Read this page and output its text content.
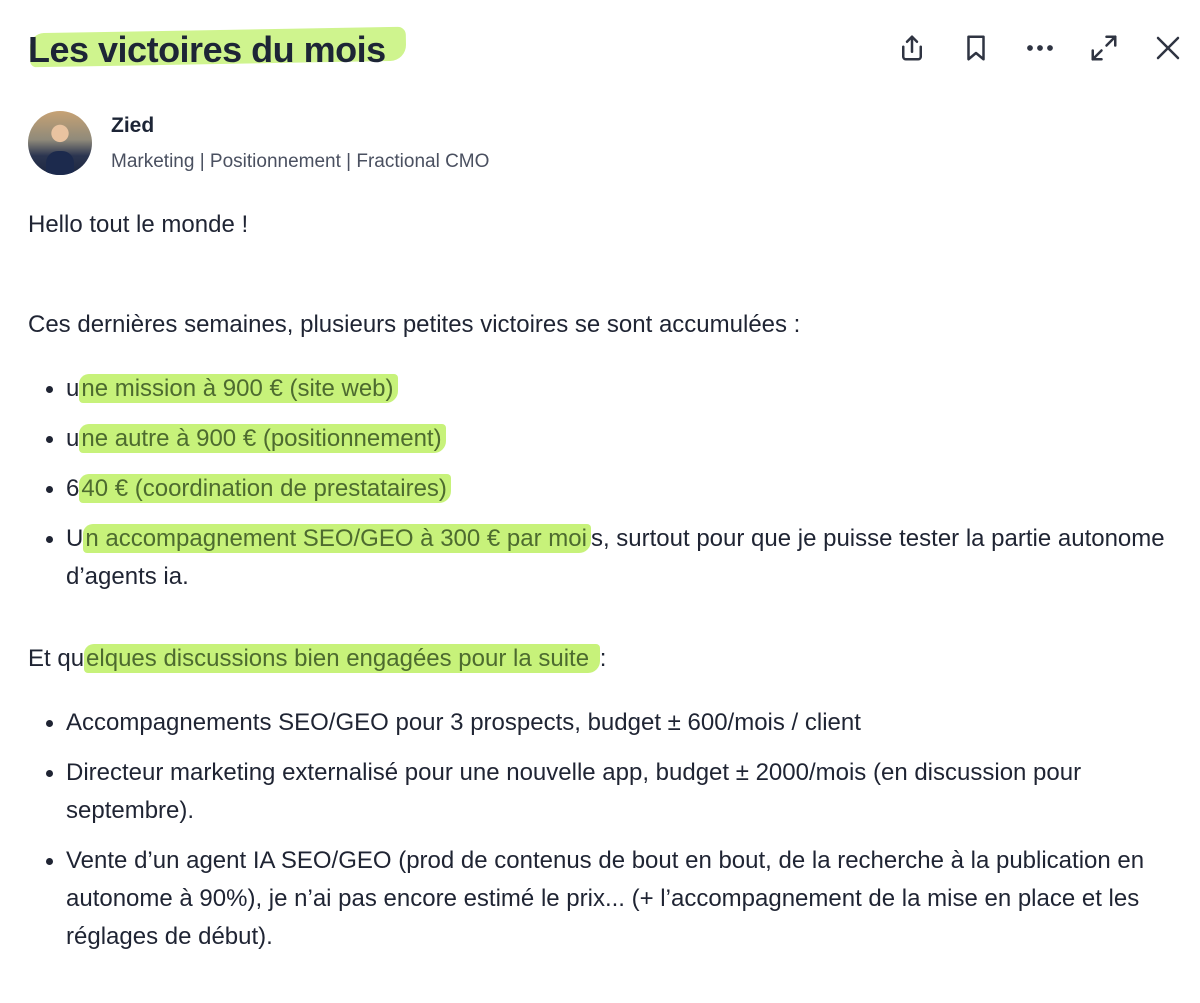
Les victoires du mois
Zied
Marketing | Positionnement | Fractional CMO

Hello tout le monde !

Ces dernières semaines, plusieurs petites victoires se sont accumulées :

• une mission à 900 € (site web)
• une autre à 900 € (positionnement)
• 640 € (coordination de prestataires)
• Un accompagnement SEO/GEO à 300 € par moi s, surtout pour que je puisse tester la partie autonome d’agents ia.

Et quelques discussions bien engagées pour la suite :

• Accompagnements SEO/GEO pour 3 prospects, budget ± 600/mois / client
• Directeur marketing externalisé pour une nouvelle app, budget ± 2000/mois (en discussion pour septembre).
• Vente d’un agent IA SEO/GEO (prod de contenus de bout en bout, de la recherche à la publication en autonome à 90%), je n’ai pas encore estimé le prix... (+ l’accompagnement de la mise en place et les réglages de début).
